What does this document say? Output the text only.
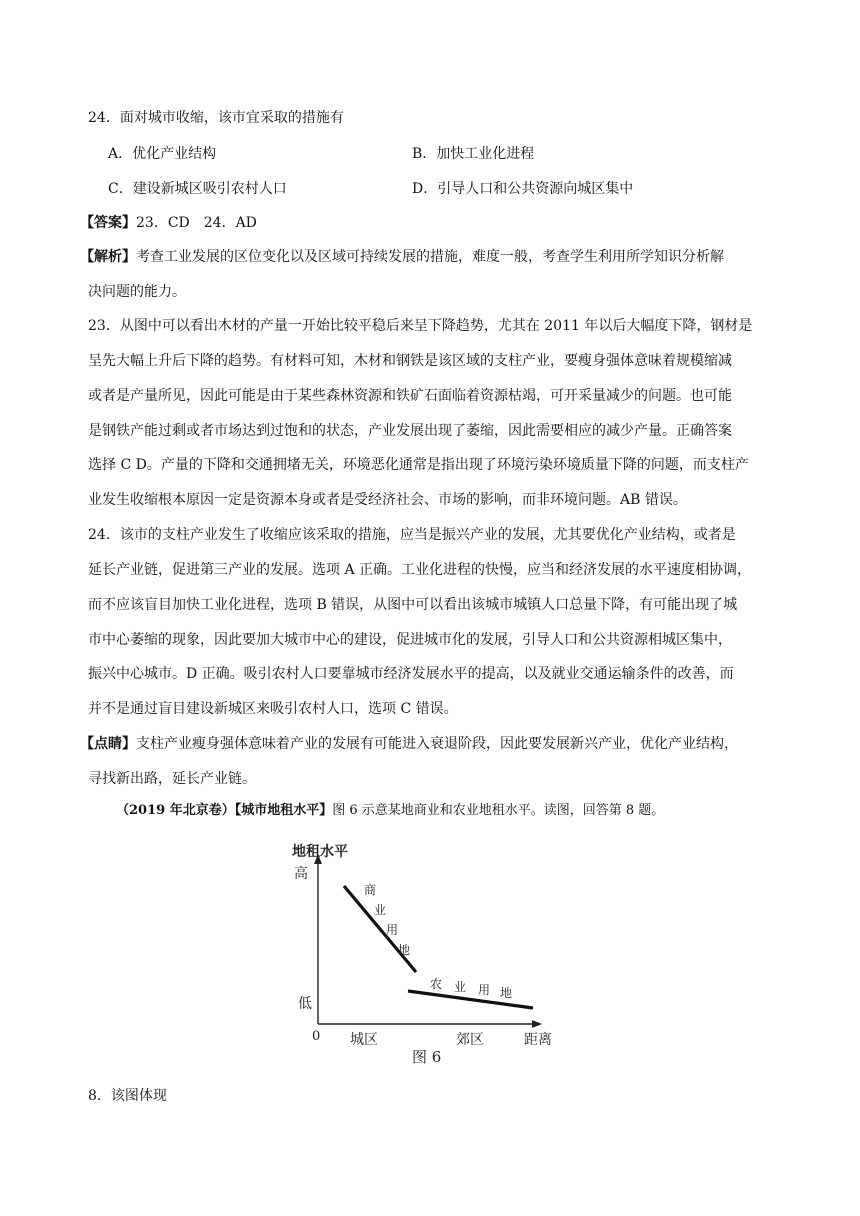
24．面对城市收缩，该市宜采取的措施有
A．优化产业结构	B．加快工业化进程
C．建设新城区吸引农村人口	D．引导人口和公共资源向城区集中
【答案】23．CD　24．AD
【解析】考查工业发展的区位变化以及区域可持续发展的措施，难度一般，考查学生利用所学知识分析解
决问题的能力。
23．从图中可以看出木材的产量一开始比较平稳后来呈下降趋势，尤其在 2011 年以后大幅度下降，钢材是
呈先大幅上升后下降的趋势。有材料可知，木材和钢铁是该区域的支柱产业，要瘦身强体意味着规模缩减
或者是产量所见，因此可能是由于某些森林资源和铁矿石面临着资源枯竭，可开采量减少的问题。也可能
是钢铁产能过剩或者市场达到过饱和的状态，产业发展出现了萎缩，因此需要相应的减少产量。正确答案
选择 C D。产量的下降和交通拥堵无关，环境恶化通常是指出现了环境污染环境质量下降的问题，而支柱产
业发生收缩根本原因一定是资源本身或者是受经济社会、市场的影响，而非环境问题。AB 错误。
24．该市的支柱产业发生了收缩应该采取的措施，应当是振兴产业的发展，尤其要优化产业结构，或者是
延长产业链，促进第三产业的发展。选项 A 正确。工业化进程的快慢，应当和经济发展的水平速度相协调，
而不应该盲目加快工业化进程，选项 B 错误，从图中可以看出该城市城镇人口总量下降，有可能出现了城
市中心萎缩的现象，因此要加大城市中心的建设，促进城市化的发展，引导人口和公共资源相城区集中，
振兴中心城市。D 正确。吸引农村人口要靠城市经济发展水平的提高，以及就业交通运输条件的改善，而
并不是通过盲目建设新城区来吸引农村人口，选项 C 错误。
【点睛】支柱产业瘦身强体意味着产业的发展有可能进入衰退阶段，因此要发展新兴产业，优化产业结构，
寻找新出路，延长产业链。
（2019 年北京卷）【城市地租水平】图 6 示意某地商业和农业地租水平。读图，回答第 8 题。
地租水平
高
低
0 城区	郊区	距离
商
业
用
地
农 业 用 地
图 6
8．该图体现
